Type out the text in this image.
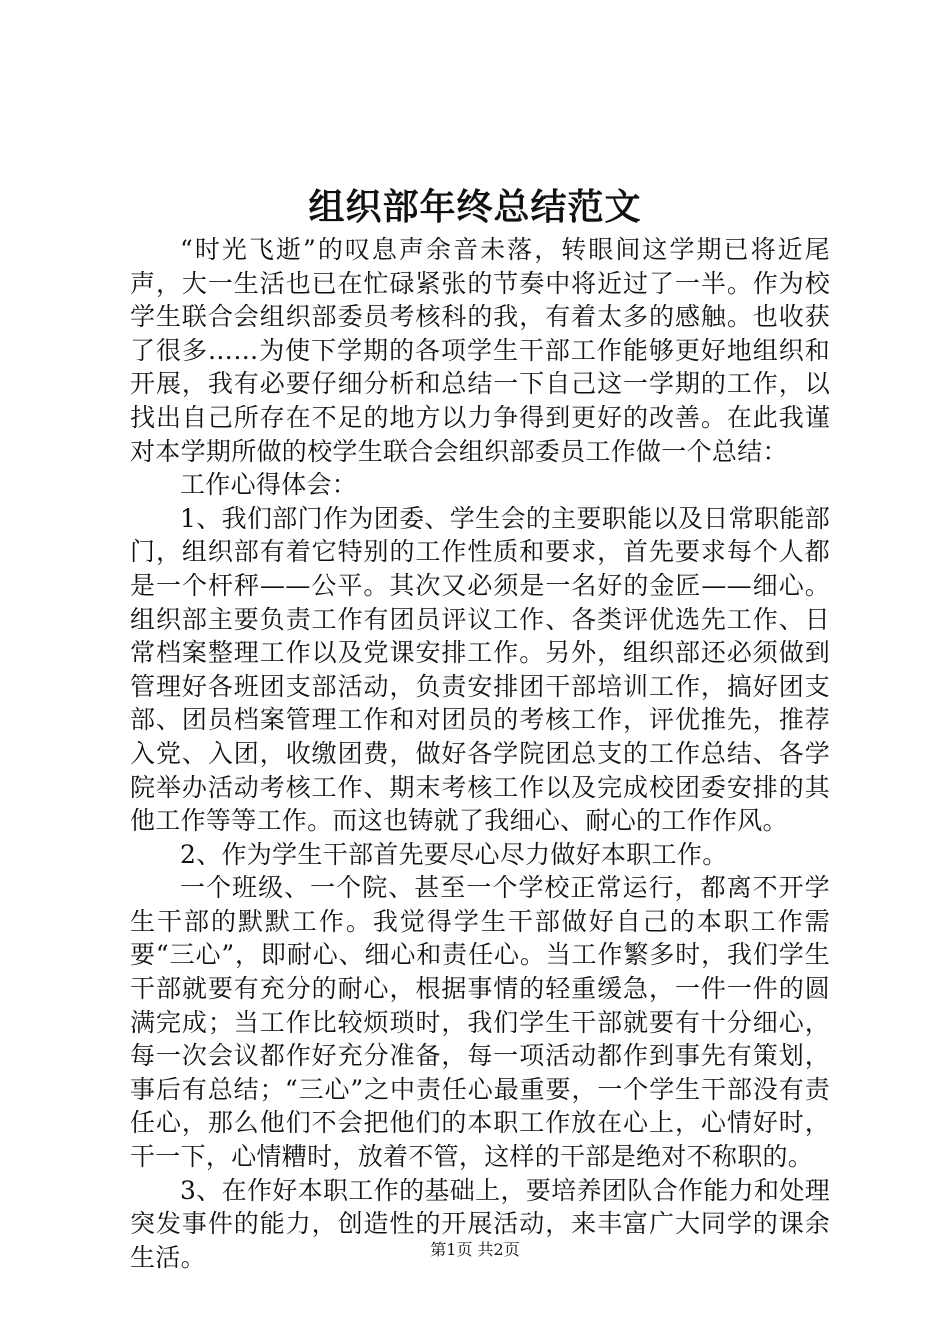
组织部年终总结范文

“时光飞逝”的叹息声余音未落，转眼间这学期已将近尾声，大一生活也已在忙碌紧张的节奏中将近过了一半。作为校学生联合会组织部委员考核科的我，有着太多的感触。也收获了很多……为使下学期的各项学生干部工作能够更好地组织和开展，我有必要仔细分析和总结一下自己这一学期的工作，以找出自己所存在不足的地方以力争得到更好的改善。在此我谨对本学期所做的校学生联合会组织部委员工作做一个总结：

工作心得体会：

1、我们部门作为团委、学生会的主要职能以及日常职能部门，组织部有着它特别的工作性质和要求，首先要求每个人都是一个杆秤——公平。其次又必须是一名好的金匠——细心。组织部主要负责工作有团员评议工作、各类评优选先工作、日常档案整理工作以及党课安排工作。另外，组织部还必须做到管理好各班团支部活动，负责安排团干部培训工作，搞好团支部、团员档案管理工作和对团员的考核工作，评优推先，推荐入党、入团，收缴团费，做好各学院团总支的工作总结、各学院举办活动考核工作、期末考核工作以及完成校团委安排的其他工作等等工作。而这也铸就了我细心、耐心的工作作风。

2、作为学生干部首先要尽心尽力做好本职工作。

一个班级、一个院、甚至一个学校正常运行，都离不开学生干部的默默工作。我觉得学生干部做好自己的本职工作需要“三心”，即耐心、细心和责任心。当工作繁多时，我们学生干部就要有充分的耐心，根据事情的轻重缓急，一件一件的圆满完成；当工作比较烦琐时，我们学生干部就要有十分细心，每一次会议都作好充分准备，每一项活动都作到事先有策划，事后有总结；“三心”之中责任心最重要，一个学生干部没有责任心，那么他们不会把他们的本职工作放在心上，心情好时，干一下，心情糟时，放着不管，这样的干部是绝对不称职的。

3、在作好本职工作的基础上，要培养团队合作能力和处理突发事件的能力，创造性的开展活动，来丰富广大同学的课余生活。	第1页 共2页
